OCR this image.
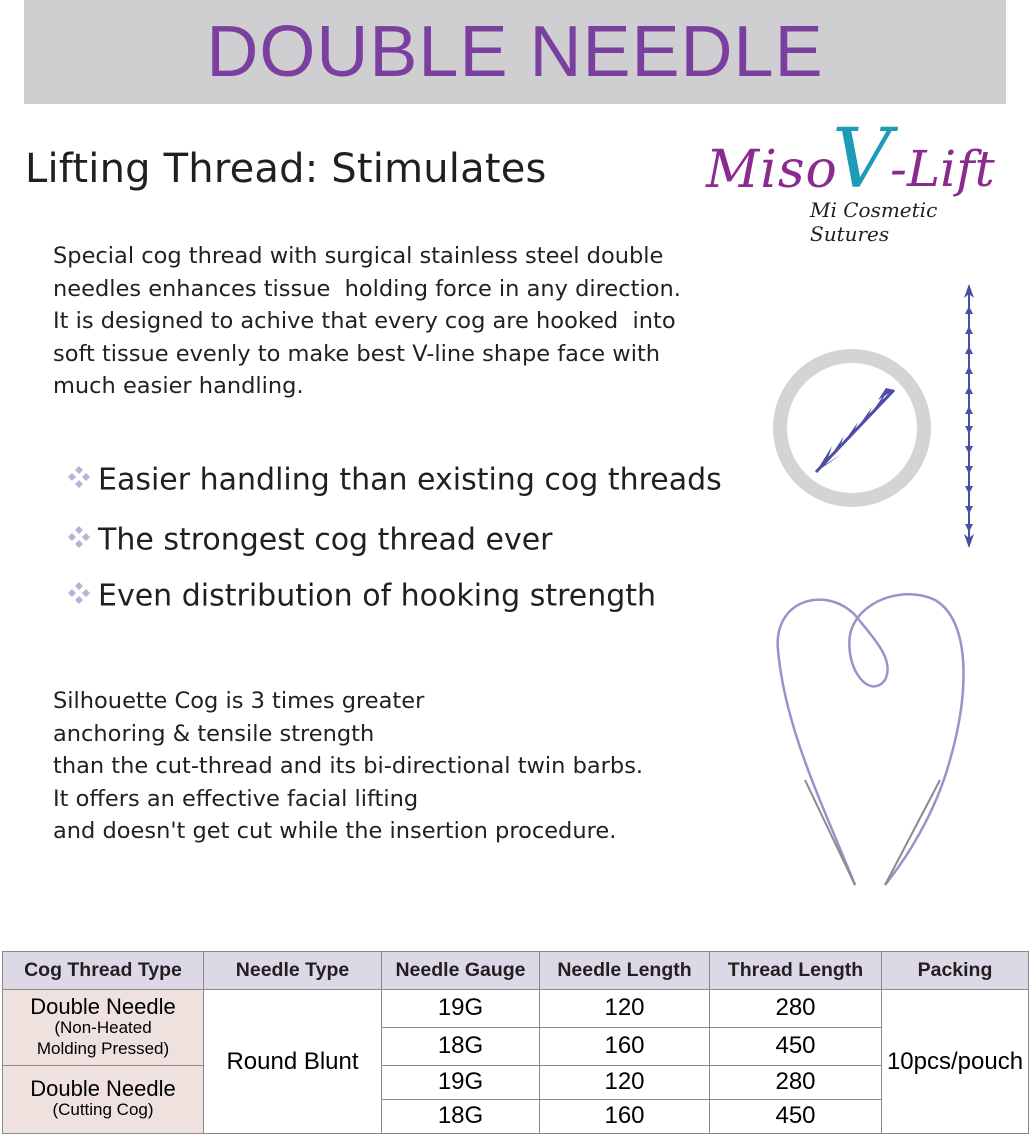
DOUBLE NEEDLE
Lifting Thread: Stimulates	Miso
V
-Lift
Mi Cosmetic Sutures

Special cog thread with surgical stainless steel double
needles enhances tissue  holding force in any direction.
It is designed to achive that every cog are hooked  into
soft tissue evenly to make best V-line shape face with
much easier handling.

Easier handling than existing cog threads
The strongest cog thread ever
Even distribution of hooking strength

Silhouette Cog is 3 times greater
anchoring & tensile strength
than the cut-thread and its bi-directional twin barbs.
It offers an effective facial lifting
and doesn't get cut while the insertion procedure.

Cog Thread Type	Needle Type	Needle Gauge	Needle Length	Thread Length	Packing

Double Needle
(Non-Heated
Molding Pressed)	Round Blunt	19G	120	280	10pcs/pouch
		18G	160	450	

Double Needle
(Cutting Cog)		19G	120	280	
		18G	160	450	
